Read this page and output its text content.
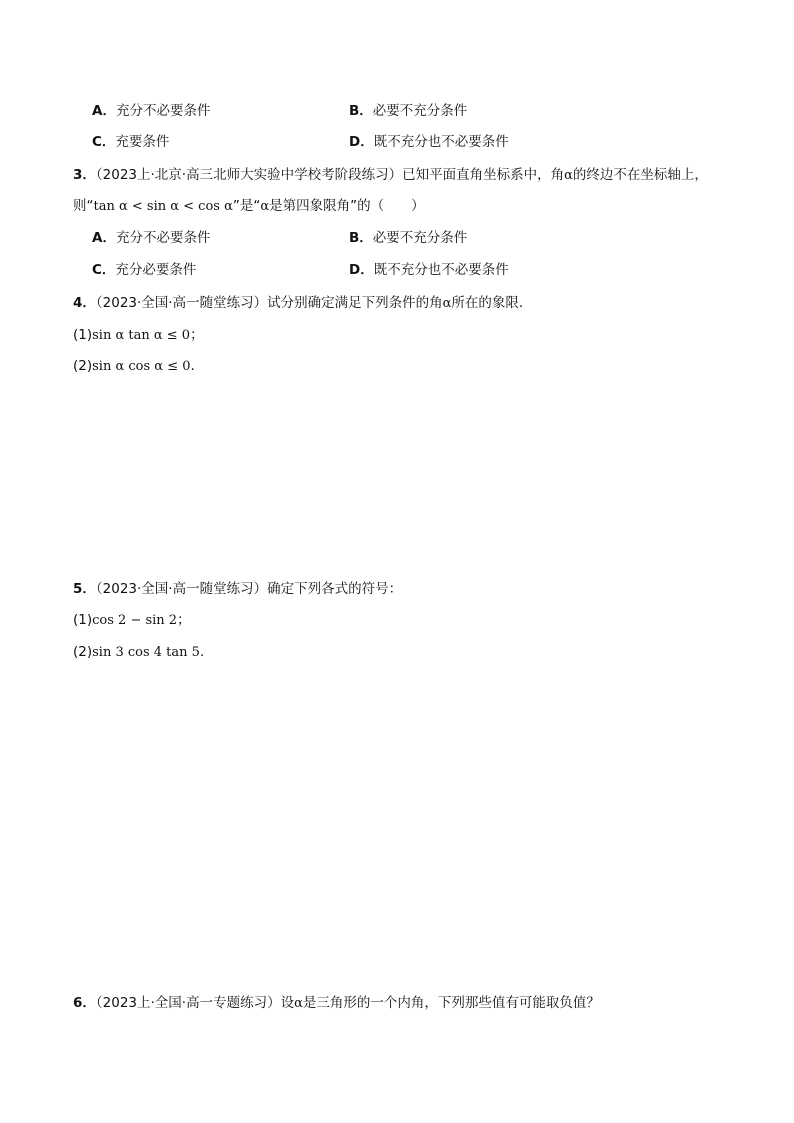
A．充分不必要条件	B．必要不充分条件
C．充要条件	D．既不充分也不必要条件
3．（2023上·北京·高三北师大实验中学校考阶段练习）已知平面直角坐标系中，角α的终边不在坐标轴上，
则“tan α < sin α < cos α”是“α是第四象限角”的（　　）
A．充分不必要条件	B．必要不充分条件
C．充分必要条件	D．既不充分也不必要条件
4．（2023·全国·高一随堂练习）试分别确定满足下列条件的角α所在的象限.
(1)sin α tan α ≤ 0；
(2)sin α cos α ≤ 0.
5．（2023·全国·高一随堂练习）确定下列各式的符号：
(1)cos 2 − sin 2；
(2)sin 3 cos 4 tan 5.
6．（2023上·全国·高一专题练习）设α是三角形的一个内角，下列那些值有可能取负值？
